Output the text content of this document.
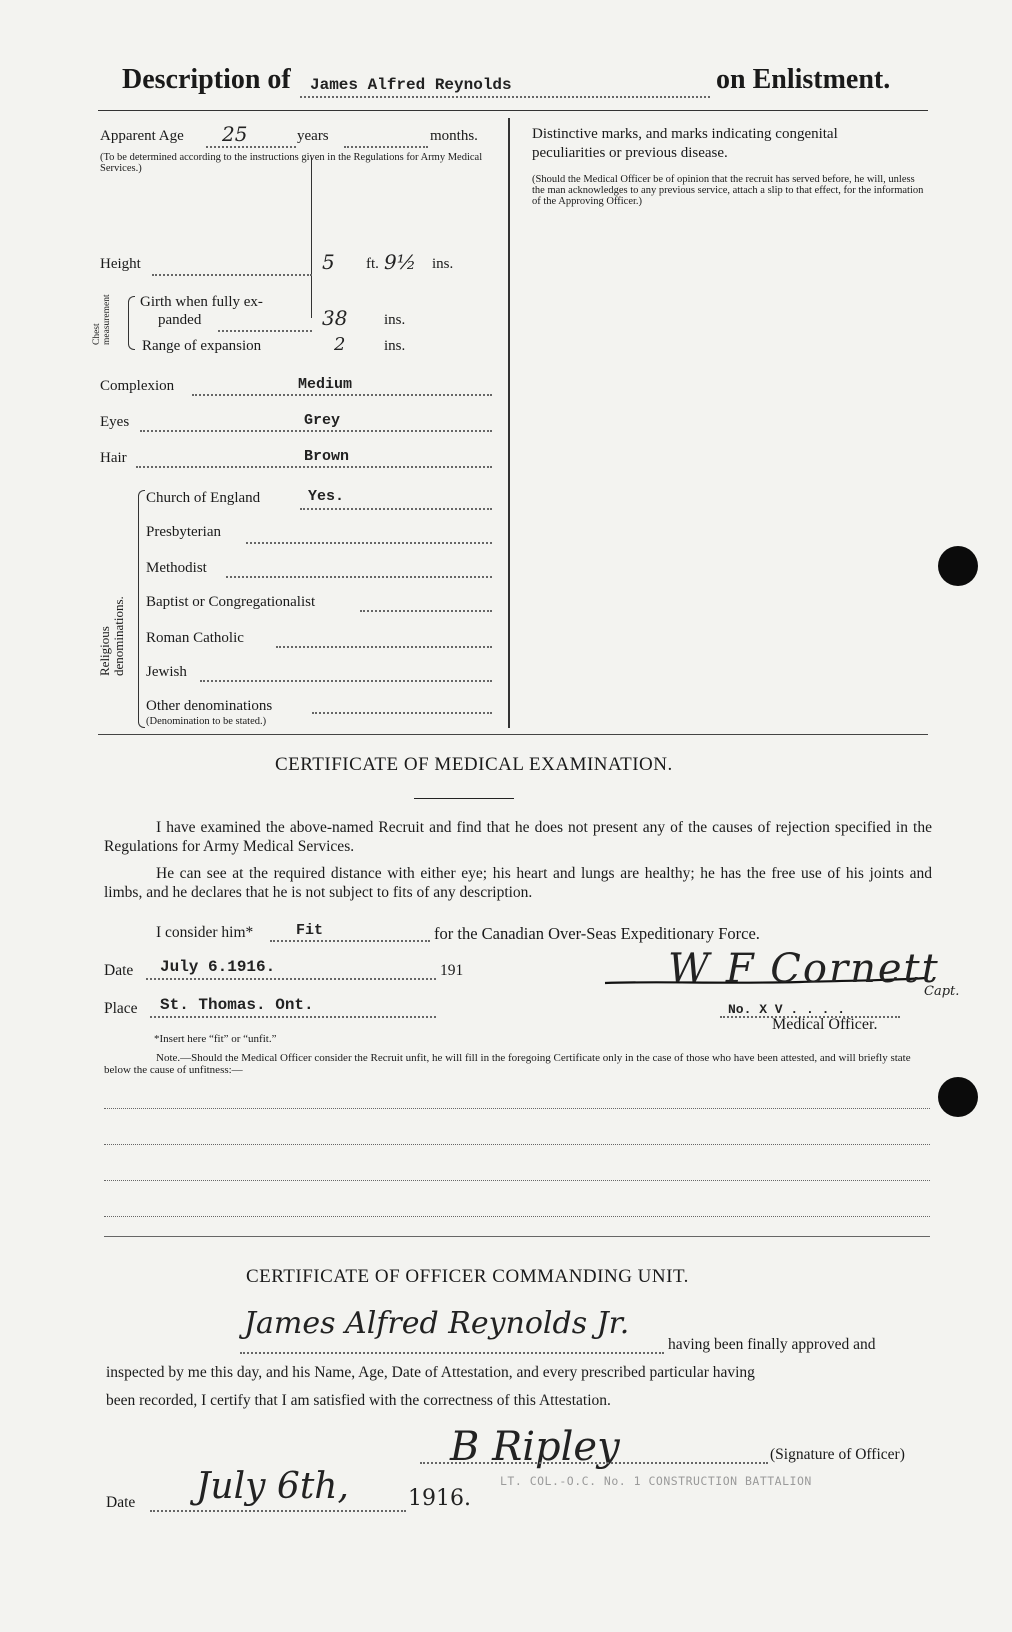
Description of James Alfred Reynolds	on Enlistment.
Apparent Age 25	years	months.
(To be determined according to the instructions given in the Regulations for Army Medical Services.)
Height	5 ft. 9½ ins.
Chest measurement Girth when fully ex-
panded	38 ins.
Range of expansion	2	ins.
Complexion	Medium
Eyes	Grey
Hair	Brown
Religious denominations.
Church of England	Yes.
Presbyterian
Methodist
Baptist or Congregationalist
Roman Catholic
Jewish
Other denominations
(Denomination to be stated.)
Distinctive marks, and marks indicating congenital
peculiarities or previous disease.
(Should the Medical Officer be of opinion that the recruit has served before, he will, unless the man acknowledges to any previous service, attach a slip to that effect, for the information of the Approving Officer.)
CERTIFICATE OF MEDICAL EXAMINATION.
I have examined the above-named Recruit and find that he does not present any of the causes of rejection specified in the Regulations for Army Medical Services.
He can see at the required distance with either eye; his heart and lungs are healthy; he has the free use of his joints and limbs, and he declares that he is not subject to fits of any description.
I consider him*	Fit	for the Canadian Over-Seas Expeditionary Force.
Date July 6.1916.	191
Place St. Thomas. Ont.
W F Cornett
Capt.
No. X V . . . .
Medical Officer.
*Insert here “fit” or “unfit.”
Note.—Should the Medical Officer consider the Recruit unfit, he will fill in the foregoing Certificate only in the case of those who have been attested, and will briefly state below the cause of unfitness:—
CERTIFICATE OF OFFICER COMMANDING UNIT.
James Alfred Reynolds Jr.
having been finally approved and
inspected by me this day, and his Name, Age, Date of Attestation, and every prescribed particular having
been recorded, I certify that I am satisfied with the correctness of this Attestation.
B Ripley	(Signature of Officer)
Date July 6th,	1916.
LT. COL.-O.C. No. 1 CONSTRUCTION BATTALION
